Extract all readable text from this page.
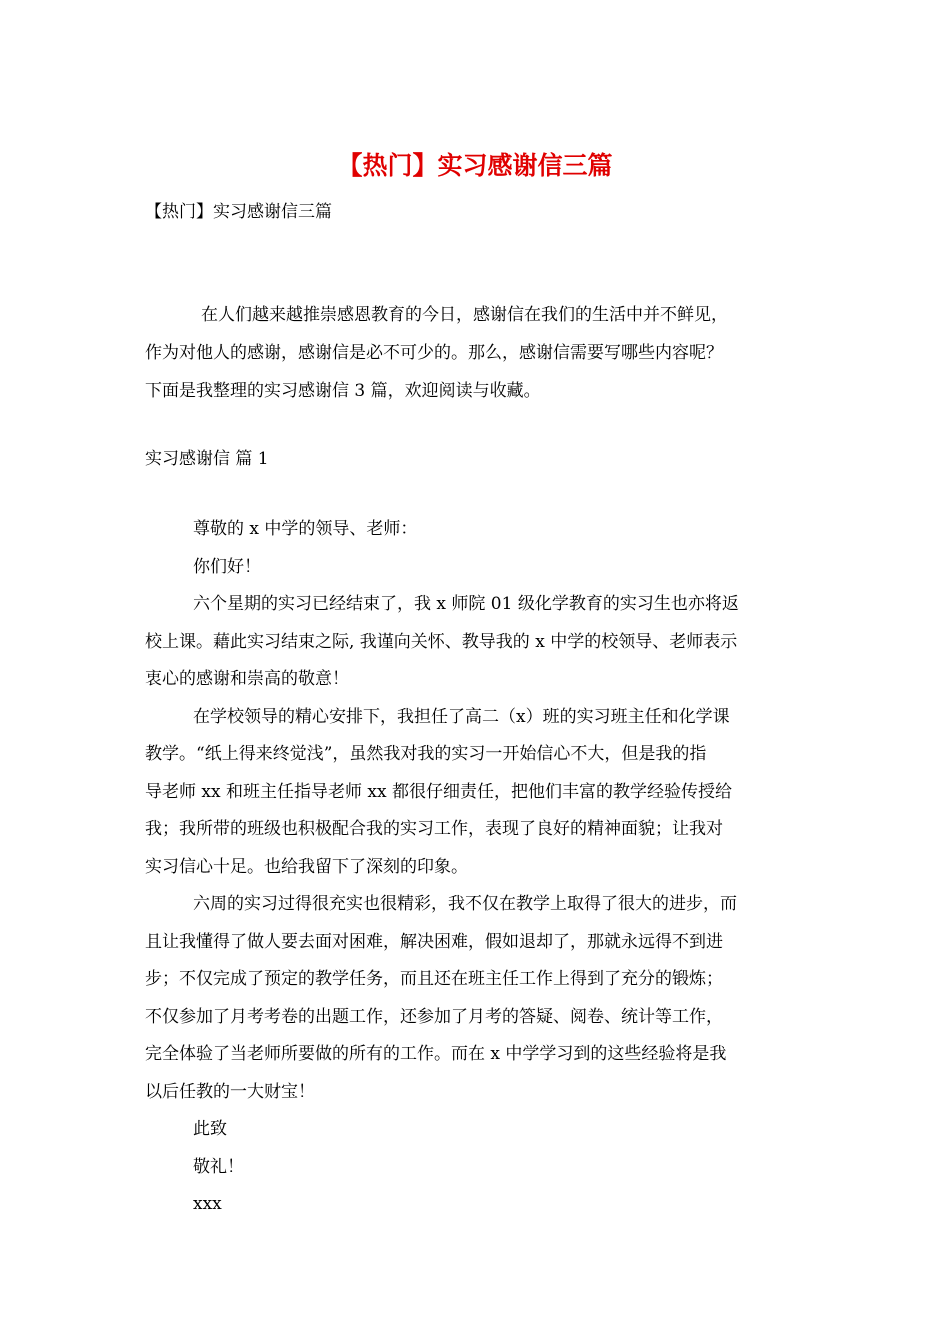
【热门】实习感谢信三篇
【热门】实习感谢信三篇
在人们越来越推崇感恩教育的今日，感谢信在我们的生活中并不鲜见，
作为对他人的感谢，感谢信是必不可少的。那么，感谢信需要写哪些内容呢？
下面是我整理的实习感谢信 3 篇，欢迎阅读与收藏。
实习感谢信 篇 1
尊敬的 x 中学的领导、老师：
你们好！
六个星期的实习已经结束了，我 x 师院 01 级化学教育的实习生也亦将返
校上课。藉此实习结束之际, 我谨向关怀、教导我的 x 中学的校领导、老师表示
衷心的感谢和崇高的敬意！
在学校领导的精心安排下，我担任了高二（x）班的实习班主任和化学课
教学。“纸上得来终觉浅”，虽然我对我的实习一开始信心不大，但是我的指
导老师 xx 和班主任指导老师 xx 都很仔细责任，把他们丰富的教学经验传授给
我；我所带的班级也积极配合我的实习工作，表现了良好的精神面貌；让我对
实习信心十足。也给我留下了深刻的印象。
六周的实习过得很充实也很精彩，我不仅在教学上取得了很大的进步，而
且让我懂得了做人要去面对困难，解决困难，假如退却了，那就永远得不到进
步；不仅完成了预定的教学任务，而且还在班主任工作上得到了充分的锻炼；
不仅参加了月考考卷的出题工作，还参加了月考的答疑、阅卷、统计等工作，
完全体验了当老师所要做的所有的工作。而在 x 中学学习到的这些经验将是我
以后任教的一大财宝！
此致
敬礼！
xxx
